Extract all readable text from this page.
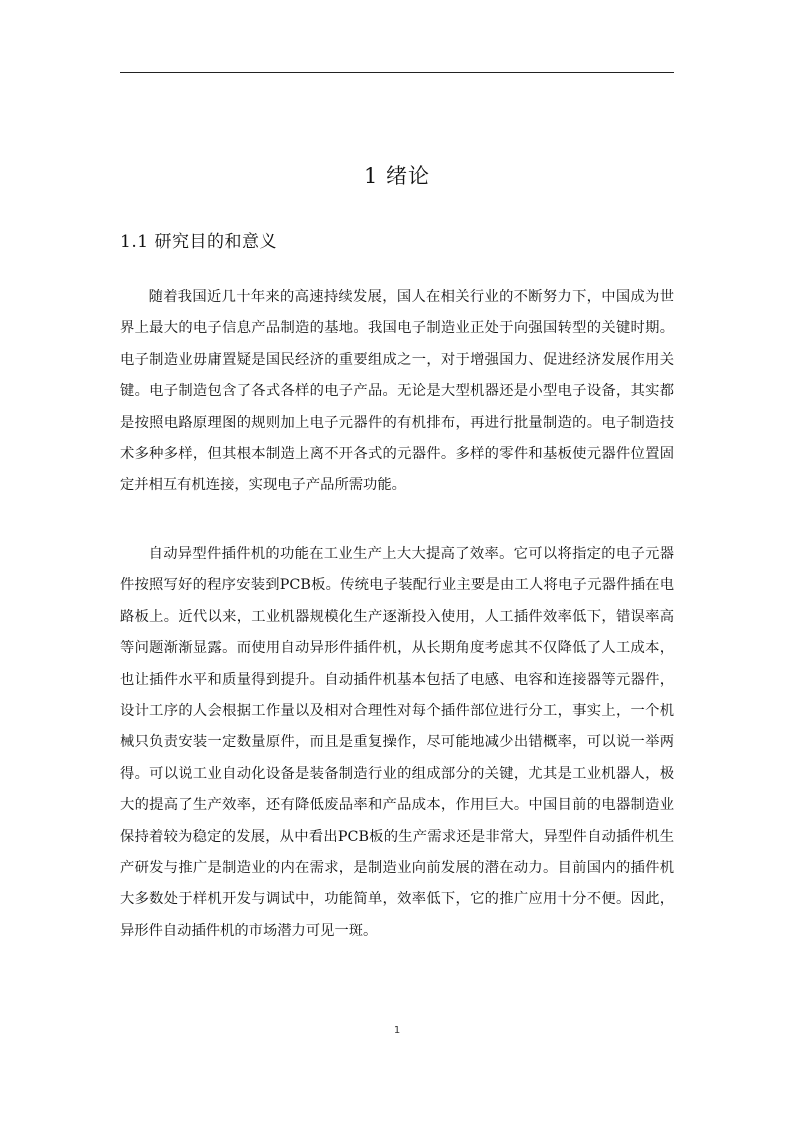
1 绪论
1.1 研究目的和意义

随着我国近几十年来的高速持续发展，国人在相关行业的不断努力下，中国成为世界上最大的电子信息产品制造的基地。我国电子制造业正处于向强国转型的关键时期。电子制造业毋庸置疑是国民经济的重要组成之一，对于增强国力、促进经济发展作用关键。电子制造包含了各式各样的电子产品。无论是大型机器还是小型电子设备，其实都是按照电路原理图的规则加上电子元器件的有机排布，再进行批量制造的。电子制造技术多种多样，但其根本制造上离不开各式的元器件。多样的零件和基板使元器件位置固定并相互有机连接，实现电子产品所需功能。

自动异型件插件机的功能在工业生产上大大提高了效率。它可以将指定的电子元器件按照写好的程序安装到PCB板。传统电子装配行业主要是由工人将电子元器件插在电路板上。近代以来，工业机器规模化生产逐渐投入使用，人工插件效率低下，错误率高等问题渐渐显露。而使用自动异形件插件机，从长期角度考虑其不仅降低了人工成本，也让插件水平和质量得到提升。自动插件机基本包括了电感、电容和连接器等元器件，设计工序的人会根据工作量以及相对合理性对每个插件部位进行分工，事实上，一个机械只负责安装一定数量原件，而且是重复操作，尽可能地减少出错概率，可以说一举两得。可以说工业自动化设备是装备制造行业的组成部分的关键，尤其是工业机器人，极大的提高了生产效率，还有降低废品率和产品成本，作用巨大。中国目前的电器制造业保持着较为稳定的发展，从中看出PCB板的生产需求还是非常大，异型件自动插件机生产研发与推广是制造业的内在需求，是制造业向前发展的潜在动力。目前国内的插件机大多数处于样机开发与调试中，功能简单，效率低下，它的推广应用十分不便。因此，异形件自动插件机的市场潜力可见一斑。

1
